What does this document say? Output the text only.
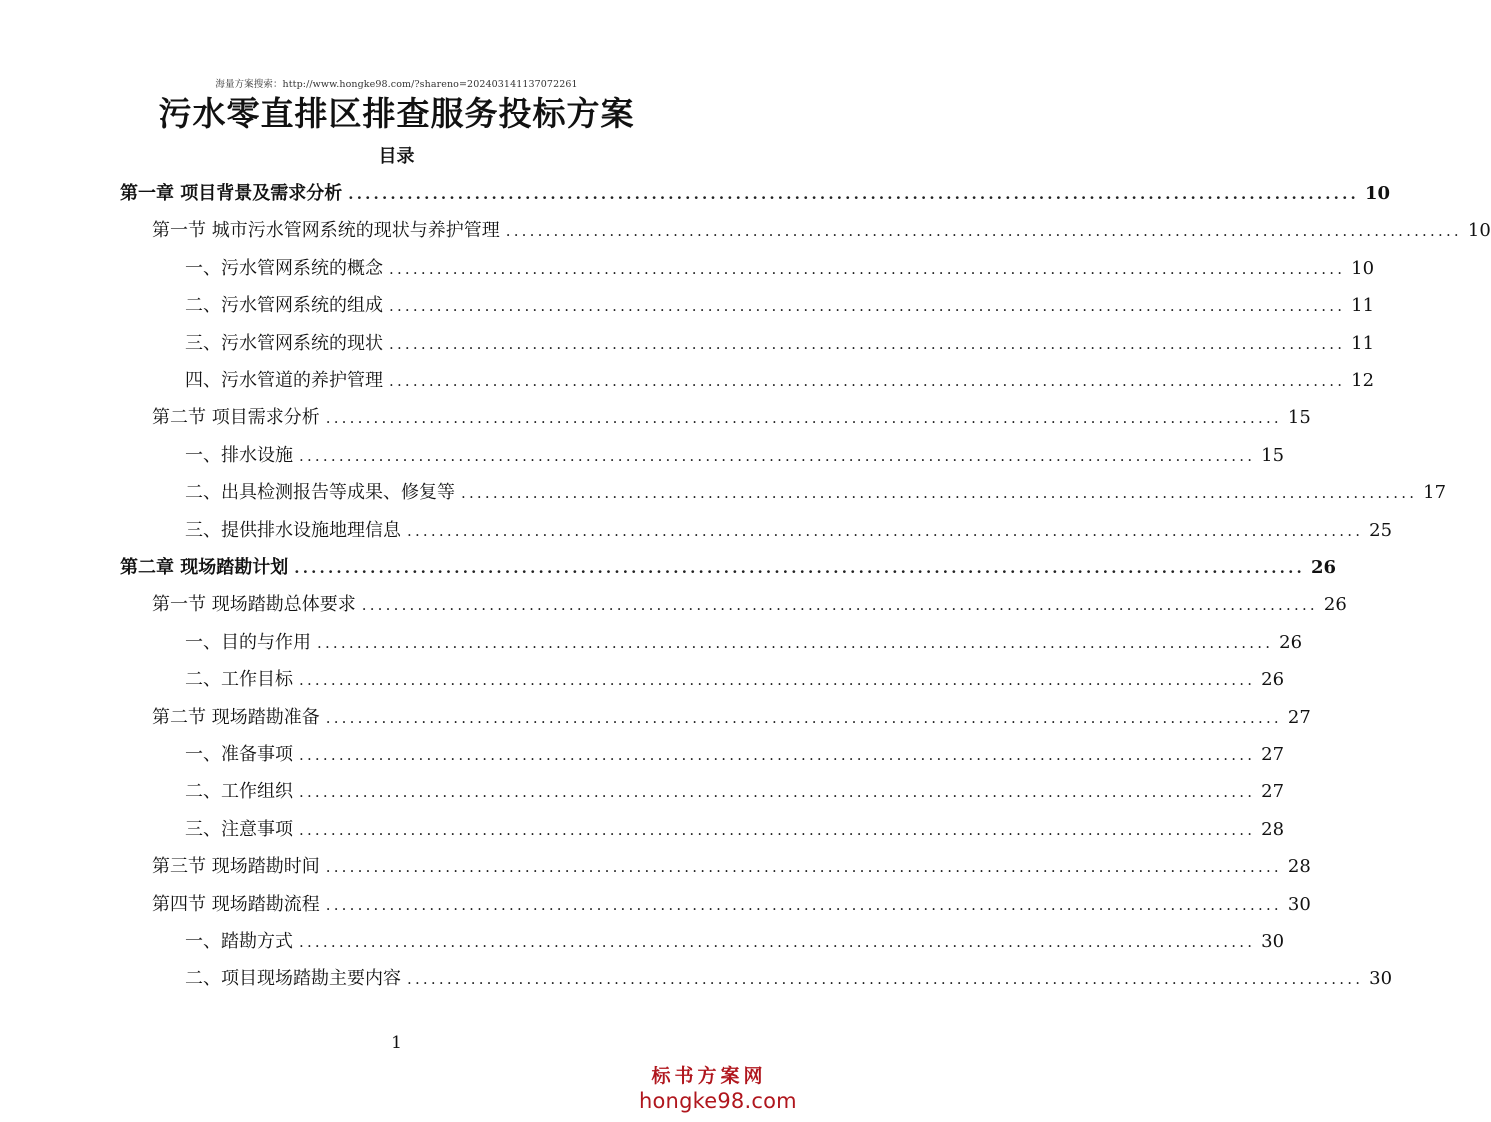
海量方案搜索：http://www.hongke98.com/?shareno=20240314113707226​1
污水零直排区排查服务投标方案
目录
第一章 项目背景及需求分析 ........................................................................................................................ 10
第一节 城市污水管网系统的现状与养护管理 ........................................................................................................................ 10
一、污水管网系统的概念 ........................................................................................................................ 10
二、污水管网系统的组成 ........................................................................................................................ 11
三、污水管网系统的现状 ........................................................................................................................ 11
四、污水管道的养护管理 ........................................................................................................................ 12
第二节 项目需求分析 ........................................................................................................................ 15
一、排水设施 ........................................................................................................................ 15
二、出具检测报告等成果、修复等 ........................................................................................................................ 17
三、提供排水设施地理信息 ........................................................................................................................ 25
第二章 现场踏勘计划 ........................................................................................................................ 26
第一节 现场踏勘总体要求 ........................................................................................................................ 26
一、目的与作用 ........................................................................................................................ 26
二、工作目标 ........................................................................................................................ 26
第二节 现场踏勘准备 ........................................................................................................................ 27
一、准备事项 ........................................................................................................................ 27
二、工作组织 ........................................................................................................................ 27
三、注意事项 ........................................................................................................................ 28
第三节 现场踏勘时间 ........................................................................................................................ 28
第四节 现场踏勘流程 ........................................................................................................................ 30
一、踏勘方式 ........................................................................................................................ 30
二、项目现场踏勘主要内容 ........................................................................................................................ 30
1
标书方案网
hongke98.com
